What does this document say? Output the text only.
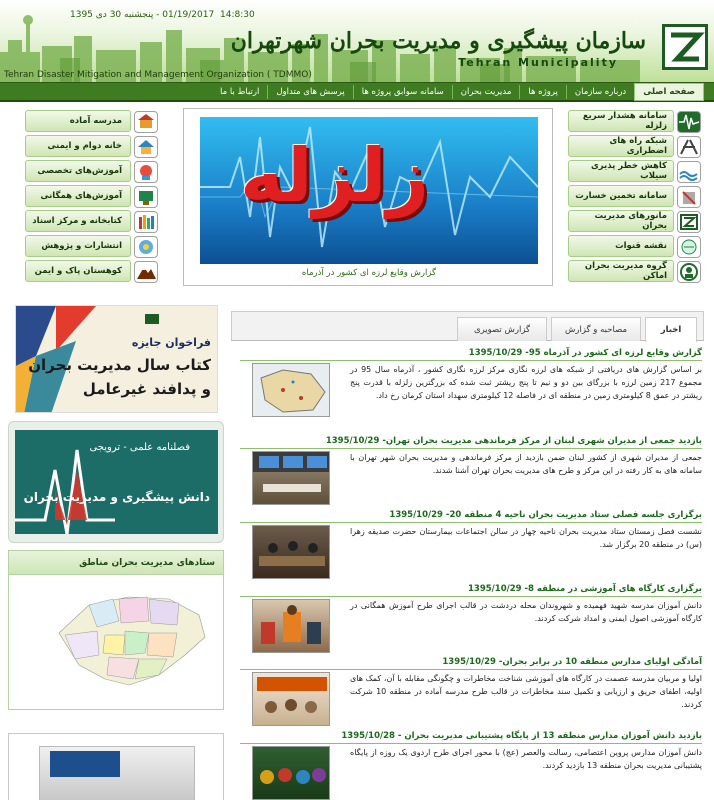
14:8:30
01/19/2017 - پنجشنبه 30 دی 1395
سازمان پیشگیری و مدیریت بحران شهرتهران
Tehran Municipality
Tehran Disaster Mitigation and Management Organization ( TDMMO)
صفحه اصلی
درباره سازمان
پروژه ها
مدیریت بحران
سامانه سوابق پروژه ها
پرسش های متداول
ارتباط با ما
مدرسه آماده
خانه دوام و ایمنی
آموزش‌های تخصصی
آموزش‌های همگانی
کتابخانه و مرکز اسناد
انتشارات و پژوهش
کوهستان پاک و ایمن
سامانه هشدار سریع زلزله
شبکه راه های اضطراری
کاهش خطر پذیری سیلاب
سامانه تخمین خسارت
مانورهای مدیریت بحران
نقشه قنوات
گروه مدیریت بحران اماکن
زلزله
گزارش وقایع لرزه ای کشور در آذرماه
فراخوان جایزه
کتاب سال مدیریت بحران
و پدافند غیرعامل
فصلنامه علمی - ترویجی
دانش پیشگیری و مدیریت بحران
ستادهای مدیریت بحران مناطق
اخبار
مصاحبه و گزارش
گزارش تصویری
گزارش وقایع لرزه ای کشور در آذرماه 95- 1395/10/29
بر اساس گزارش های دریافتی از شبکه های لرزه نگاری مرکز لرزه نگاری کشور ، آذرماه سال 95 در مجموع 217 زمین لرزه با بزرگای بین دو و نیم تا پنج ریشتر ثبت شده که بزرگترین زلزله با قدرت پنج ریشتر در عمق 8 کیلومتری زمین در منطقه ای در فاصله 12 کیلومتری سهداد استان کرمان رخ داد.
بازدید جمعی از مدیران شهری لبنان از مرکز فرماندهی مدیریت بحران تهران- 1395/10/29
جمعی از مدیران شهری از کشور لبنان ضمن بازدید از مرکز فرماندهی و مدیریت بحران شهر تهران با سامانه های به کار رفته در این مرکز و طرح های مدیریت بحران تهران آشنا شدند.
برگزاری جلسه فصلی ستاد مدیریت بحران ناحیه 4 منطقه 20- 1395/10/29
نشست فصل زمستان ستاد مدیریت بحران ناحیه چهار در سالن اجتماعات بیمارستان حضرت صدیقه زهرا (س) در منطقه 20 برگزار شد.
برگزاری کارگاه های آموزشی در منطقه 8- 1395/10/29
دانش آموزان مدرسه شهید فهمیده و شهروندان محله دردشت در قالب اجرای طرح آموزش همگانی در کارگاه آموزشی اصول ایمنی و امداد شرکت کردند.
آمادگی اولیای مدارس منطقه 10 در برابر بحران- 1395/10/29
اولیا و مربیان مدرسه عصمت در کارگاه های آموزشی شناخت مخاطرات و چگونگی مقابله با آن، کمک های اولیه، اطفای حریق و ارزیابی و تکمیل سند مخاطرات در قالب طرح مدرسه آماده در منطقه 10 شرکت کردند.
بازدید دانش آموزان مدارس منطقه 13 از پایگاه پشتیبانی مدیریت بحران - 1395/10/28
دانش آموزان مدارس پروین اعتصامی، رسالت والعصر (عج) با محور اجرای طرح اردوی یک روزه از پایگاه پشتیبانی مدیریت بحران منطقه 13 بازدید کردند.
